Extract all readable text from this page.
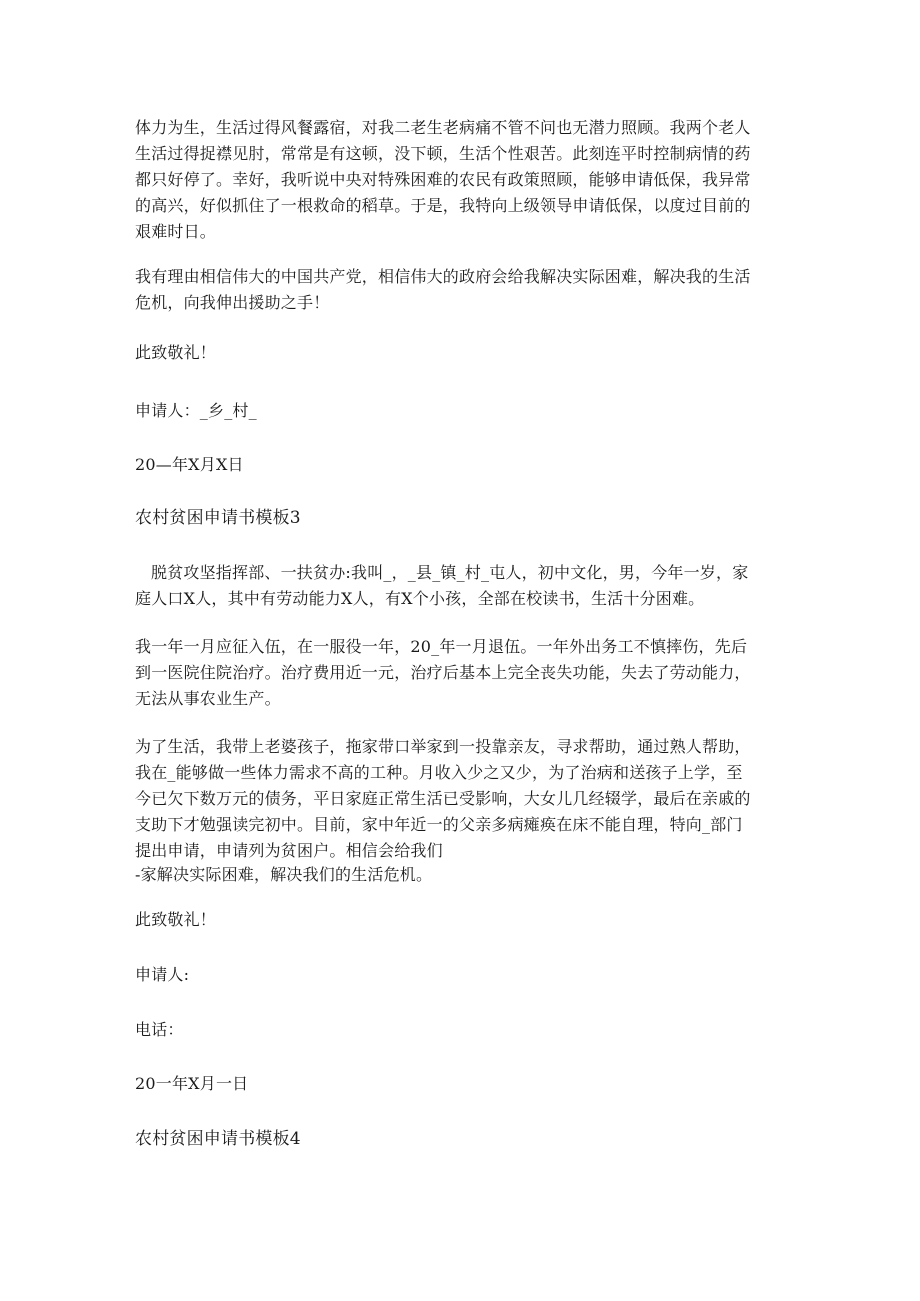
体力为生，生活过得风餐露宿，对我二老生老病痛不管不问也无潜力照顾。我两个老人
生活过得捉襟见肘，常常是有这顿，没下顿，生活个性艰苦。此刻连平时控制病情的药
都只好停了。幸好，我听说中央对特殊困难的农民有政策照顾，能够申请低保，我异常
的高兴，好似抓住了一根救命的稻草。于是，我特向上级领导申请低保，以度过目前的
艰难时日。
我有理由相信伟大的中国共产党，相信伟大的政府会给我解决实际困难，解决我的生活
危机，向我伸出援助之手！
此致敬礼！
申请人：_乡_村_
20—年X月X日
农村贫困申请书模板3
脱贫攻坚指挥部、一扶贫办:我叫_，_县_镇_村_屯人，初中文化，男，今年一岁，家
庭人口X人，其中有劳动能力X人，有X个小孩，全部在校读书，生活十分困难。
我一年一月应征入伍，在一服役一年，20_年一月退伍。一年外出务工不慎摔伤，先后
到一医院住院治疗。治疗费用近一元，治疗后基本上完全丧失功能，失去了劳动能力，
无法从事农业生产。
为了生活，我带上老婆孩子，拖家带口举家到一投靠亲友，寻求帮助，通过熟人帮助，
我在_能够做一些体力需求不高的工种。月收入少之又少，为了治病和送孩子上学，至
今已欠下数万元的债务，平日家庭正常生活已受影响，大女儿几经辍学，最后在亲戚的
支助下才勉强读完初中。目前，家中年近一的父亲多病瘫痪在床不能自理，特向_部门
提出申请，申请列为贫困户。相信会给我们
-家解决实际困难，解决我们的生活危机。
此致敬礼！
申请人:
电话：
20一年X月一日
农村贫困申请书模板4
